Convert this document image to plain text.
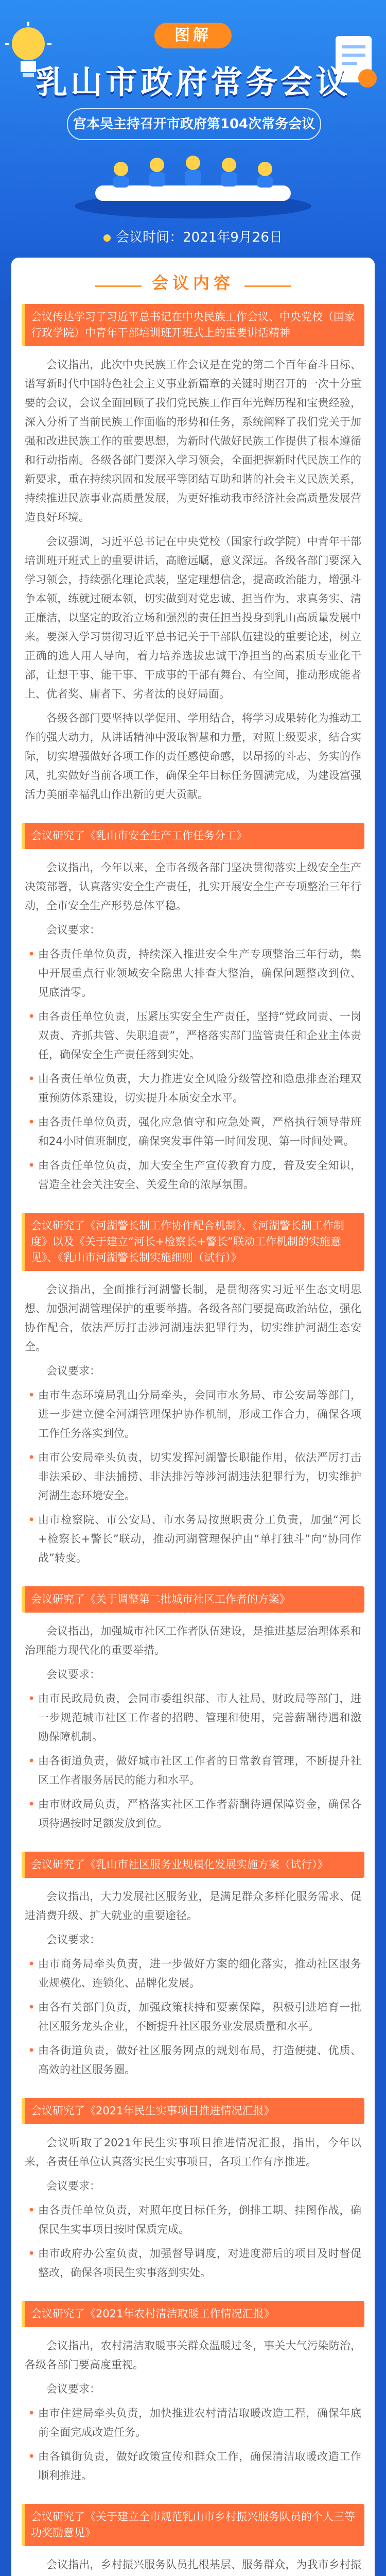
图解
乳山市政府常务会议
宫本吴主持召开市政府第104次常务会议
会议时间：2021年9月26日
会议内容
会议传达学习了习近平总书记在中央民族工作会议、中央党校（国家行政学院）中青年干部培训班开班式上的重要讲话精神

会议指出，此次中央民族工作会议是在党的第二个百年奋斗目标、谱写新时代中国特色社会主义事业新篇章的关键时期召开的一次十分重要的会议，会议全面回顾了我们党民族工作百年光辉历程和宝贵经验，深入分析了当前民族工作面临的形势和任务，系统阐释了我们党关于加强和改进民族工作的重要思想，为新时代做好民族工作提供了根本遵循和行动指南。各级各部门要深入学习领会，全面把握新时代民族工作的新要求，重在持续巩固和发展平等团结互助和谐的社会主义民族关系，持续推进民族事业高质量发展，为更好推动我市经济社会高质量发展营造良好环境。

会议强调，习近平总书记在中央党校（国家行政学院）中青年干部培训班开班式上的重要讲话，高瞻远瞩，意义深远。各级各部门要深入学习领会，持续强化理论武装，坚定理想信念，提高政治能力，增强斗争本领，练就过硬本领，切实做到对党忠诚、担当作为、求真务实、清正廉洁，以坚定的政治立场和强烈的责任担当投身到乳山高质量发展中来。要深入学习贯彻习近平总书记关于干部队伍建设的重要论述，树立正确的选人用人导向，着力培养选拔忠诚干净担当的高素质专业化干部，让想干事、能干事、干成事的干部有舞台、有空间，推动形成能者上、优者奖、庸者下、劣者汰的良好局面。

各级各部门要坚持以学促用、学用结合，将学习成果转化为推动工作的强大动力，从讲话精神中汲取智慧和力量，对照上级要求，结合实际，切实增强做好各项工作的责任感使命感，以昂扬的斗志、务实的作风，扎实做好当前各项工作，确保全年目标任务圆满完成，为建设富强活力美丽幸福乳山作出新的更大贡献。

会议研究了《乳山市安全生产工作任务分工》

会议指出，今年以来，全市各级各部门坚决贯彻落实上级安全生产决策部署，认真落实安全生产责任，扎实开展安全生产专项整治三年行动，全市安全生产形势总体平稳。

会议要求：

• 由各责任单位负责，持续深入推进安全生产专项整治三年行动，集中开展重点行业领域安全隐患大排查大整治，确保问题整改到位、见底清零。
• 由各责任单位负责，压紧压实安全生产责任，坚持“党政同责、一岗双责、齐抓共管、失职追责”，严格落实部门监管责任和企业主体责任，确保安全生产责任落到实处。
• 由各责任单位负责，大力推进安全风险分级管控和隐患排查治理双重预防体系建设，切实提升本质安全水平。
• 由各责任单位负责，强化应急值守和应急处置，严格执行领导带班和24小时值班制度，确保突发事件第一时间发现、第一时间处置。
• 由各责任单位负责，加大安全生产宣传教育力度，普及安全知识，营造全社会关注安全、关爱生命的浓厚氛围。
会议研究了《河湖警长制工作协作配合机制》、《河湖警长制工作制度》以及《关于建立“河长+检察长+警长”联动工作机制的实施意见》、《乳山市河湖警长制实施细则（试行）》

会议指出，全面推行河湖警长制，是贯彻落实习近平生态文明思想、加强河湖管理保护的重要举措。各级各部门要提高政治站位，强化协作配合，依法严厉打击涉河湖违法犯罪行为，切实维护河湖生态安全。

会议要求：

• 由市生态环境局乳山分局牵头，会同市水务局、市公安局等部门，进一步建立健全河湖管理保护协作机制，形成工作合力，确保各项工作任务落实到位。
• 由市公安局牵头负责，切实发挥河湖警长职能作用，依法严厉打击非法采砂、非法捕捞、非法排污等涉河湖违法犯罪行为，切实维护河湖生态环境安全。
• 由市检察院、市公安局、市水务局按照职责分工负责，加强“河长+检察长+警长”联动，推动河湖管理保护由“单打独斗”向“协同作战”转变。
会议研究了《关于调整第二批城市社区工作者的方案》

会议指出，加强城市社区工作者队伍建设，是推进基层治理体系和治理能力现代化的重要举措。

会议要求：

• 由市民政局负责，会同市委组织部、市人社局、财政局等部门，进一步规范城市社区工作者的招聘、管理和使用，完善薪酬待遇和激励保障机制。
• 由各街道负责，做好城市社区工作者的日常教育管理，不断提升社区工作者服务居民的能力和水平。
• 由市财政局负责，严格落实社区工作者薪酬待遇保障资金，确保各项待遇按时足额发放到位。
会议研究了《乳山市社区服务业规模化发展实施方案（试行）》

会议指出，大力发展社区服务业，是满足群众多样化服务需求、促进消费升级、扩大就业的重要途径。

会议要求：

• 由市商务局牵头负责，进一步做好方案的细化落实，推动社区服务业规模化、连锁化、品牌化发展。
• 由各有关部门负责，加强政策扶持和要素保障，积极引进培育一批社区服务龙头企业，不断提升社区服务业发展质量和水平。
• 由各街道负责，做好社区服务网点的规划布局，打造便捷、优质、高效的社区服务圈。
会议研究了《2021年民生实事项目推进情况汇报》

会议听取了2021年民生实事项目推进情况汇报，指出，今年以来，各责任单位认真落实民生实事项目，各项工作有序推进。

会议要求：

• 由各责任单位负责，对照年度目标任务，倒排工期、挂图作战，确保民生实事项目按时保质完成。
• 由市政府办公室负责，加强督导调度，对进度滞后的项目及时督促整改，确保各项民生实事落到实处。
会议研究了《2021年农村清洁取暖工作情况汇报》

会议指出，农村清洁取暖事关群众温暖过冬，事关大气污染防治，各级各部门要高度重视。

会议要求：

• 由市住建局牵头负责，加快推进农村清洁取暖改造工程，确保年底前全面完成改造任务。
• 由各镇街负责，做好政策宣传和群众工作，确保清洁取暖改造工作顺利推进。
会议研究了《关于建立全市规范乳山市乡村振兴服务队员的个人三等功奖励意见》

会议指出，乡村振兴服务队员扎根基层、服务群众，为我市乡村振
